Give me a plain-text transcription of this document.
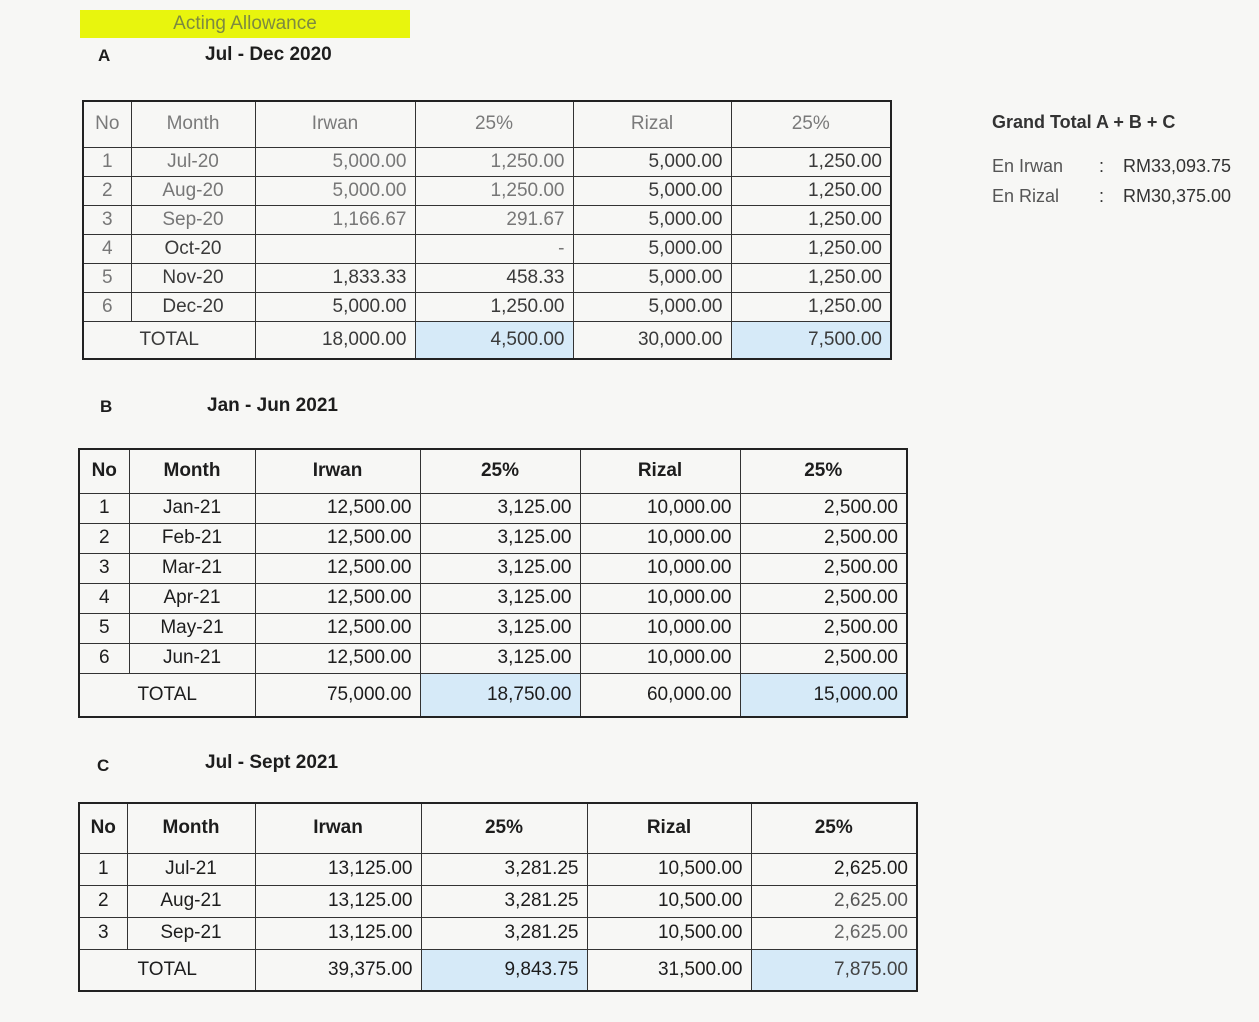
Acting Allowance
A	Jul - Dec 2020
No	Month	Irwan	25%	Rizal	25%
1	Jul-20	5,000.00	1,250.00	5,000.00	1,250.00
2	Aug-20	5,000.00	1,250.00	5,000.00	1,250.00
3	Sep-20	1,166.67	291.67	5,000.00	1,250.00
4	Oct-20		-	5,000.00	1,250.00
5	Nov-20	1,833.33	458.33	5,000.00	1,250.00
6	Dec-20	5,000.00	1,250.00	5,000.00	1,250.00
TOTAL		18,000.00	4,500.00	30,000.00	7,500.00
Grand Total A + B + C
En Irwan	:	RM33,093.75
En Rizal	:	RM30,375.00
B	Jan - Jun 2021
No	Month	Irwan	25%	Rizal	25%
1	Jan-21	12,500.00	3,125.00	10,000.00	2,500.00
2	Feb-21	12,500.00	3,125.00	10,000.00	2,500.00
3	Mar-21	12,500.00	3,125.00	10,000.00	2,500.00
4	Apr-21	12,500.00	3,125.00	10,000.00	2,500.00
5	May-21	12,500.00	3,125.00	10,000.00	2,500.00
6	Jun-21	12,500.00	3,125.00	10,000.00	2,500.00
TOTAL		75,000.00	18,750.00	60,000.00	15,000.00
C	Jul - Sept 2021
No	Month	Irwan	25%	Rizal	25%
1	Jul-21	13,125.00	3,281.25	10,500.00	2,625.00
2	Aug-21	13,125.00	3,281.25	10,500.00	2,625.00
3	Sep-21	13,125.00	3,281.25	10,500.00	2,625.00
TOTAL		39,375.00	9,843.75	31,500.00	7,875.00
